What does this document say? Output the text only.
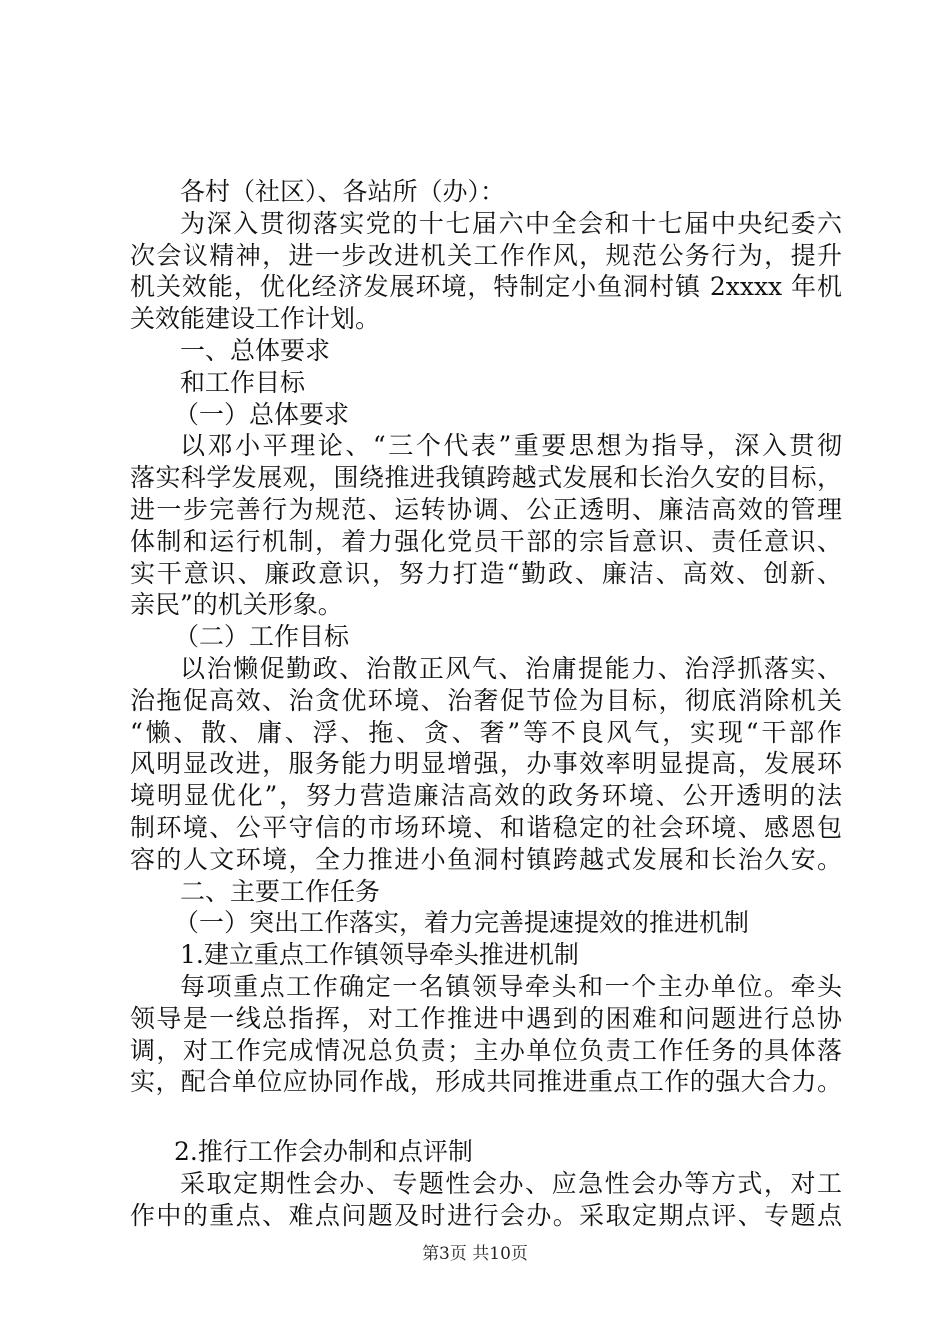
各村（社区）、各站所（办）：
为深入贯彻落实党的十七届六中全会和十七届中央纪委六
次会议精神，进一步改进机关工作作风，规范公务行为，提升
机关效能，优化经济发展环境，特制定小鱼洞村镇 2xxxx 年机
关效能建设工作计划。
一、总体要求
和工作目标
（一）总体要求
以邓小平理论、“三个代表”重要思想为指导，深入贯彻
落实科学发展观，围绕推进我镇跨越式发展和长治久安的目标，
进一步完善行为规范、运转协调、公正透明、廉洁高效的管理
体制和运行机制，着力强化党员干部的宗旨意识、责任意识、
实干意识、廉政意识，努力打造“勤政、廉洁、高效、创新、
亲民”的机关形象。
（二）工作目标
以治懒促勤政、治散正风气、治庸提能力、治浮抓落实、
治拖促高效、治贪优环境、治奢促节俭为目标，彻底消除机关
“懒、散、庸、浮、拖、贪、奢”等不良风气，实现“干部作
风明显改进，服务能力明显增强，办事效率明显提高，发展环
境明显优化”，努力营造廉洁高效的政务环境、公开透明的法
制环境、公平守信的市场环境、和谐稳定的社会环境、感恩包
容的人文环境，全力推进小鱼洞村镇跨越式发展和长治久安。
二、主要工作任务
（一）突出工作落实，着力完善提速提效的推进机制
1.建立重点工作镇领导牵头推进机制
每项重点工作确定一名镇领导牵头和一个主办单位。牵头
领导是一线总指挥，对工作推进中遇到的困难和问题进行总协
调，对工作完成情况总负责；主办单位负责工作任务的具体落
实，配合单位应协同作战，形成共同推进重点工作的强大合力。
2.推行工作会办制和点评制
采取定期性会办、专题性会办、应急性会办等方式，对工
作中的重点、难点问题及时进行会办。采取定期点评、专题点
第3页 共10页
